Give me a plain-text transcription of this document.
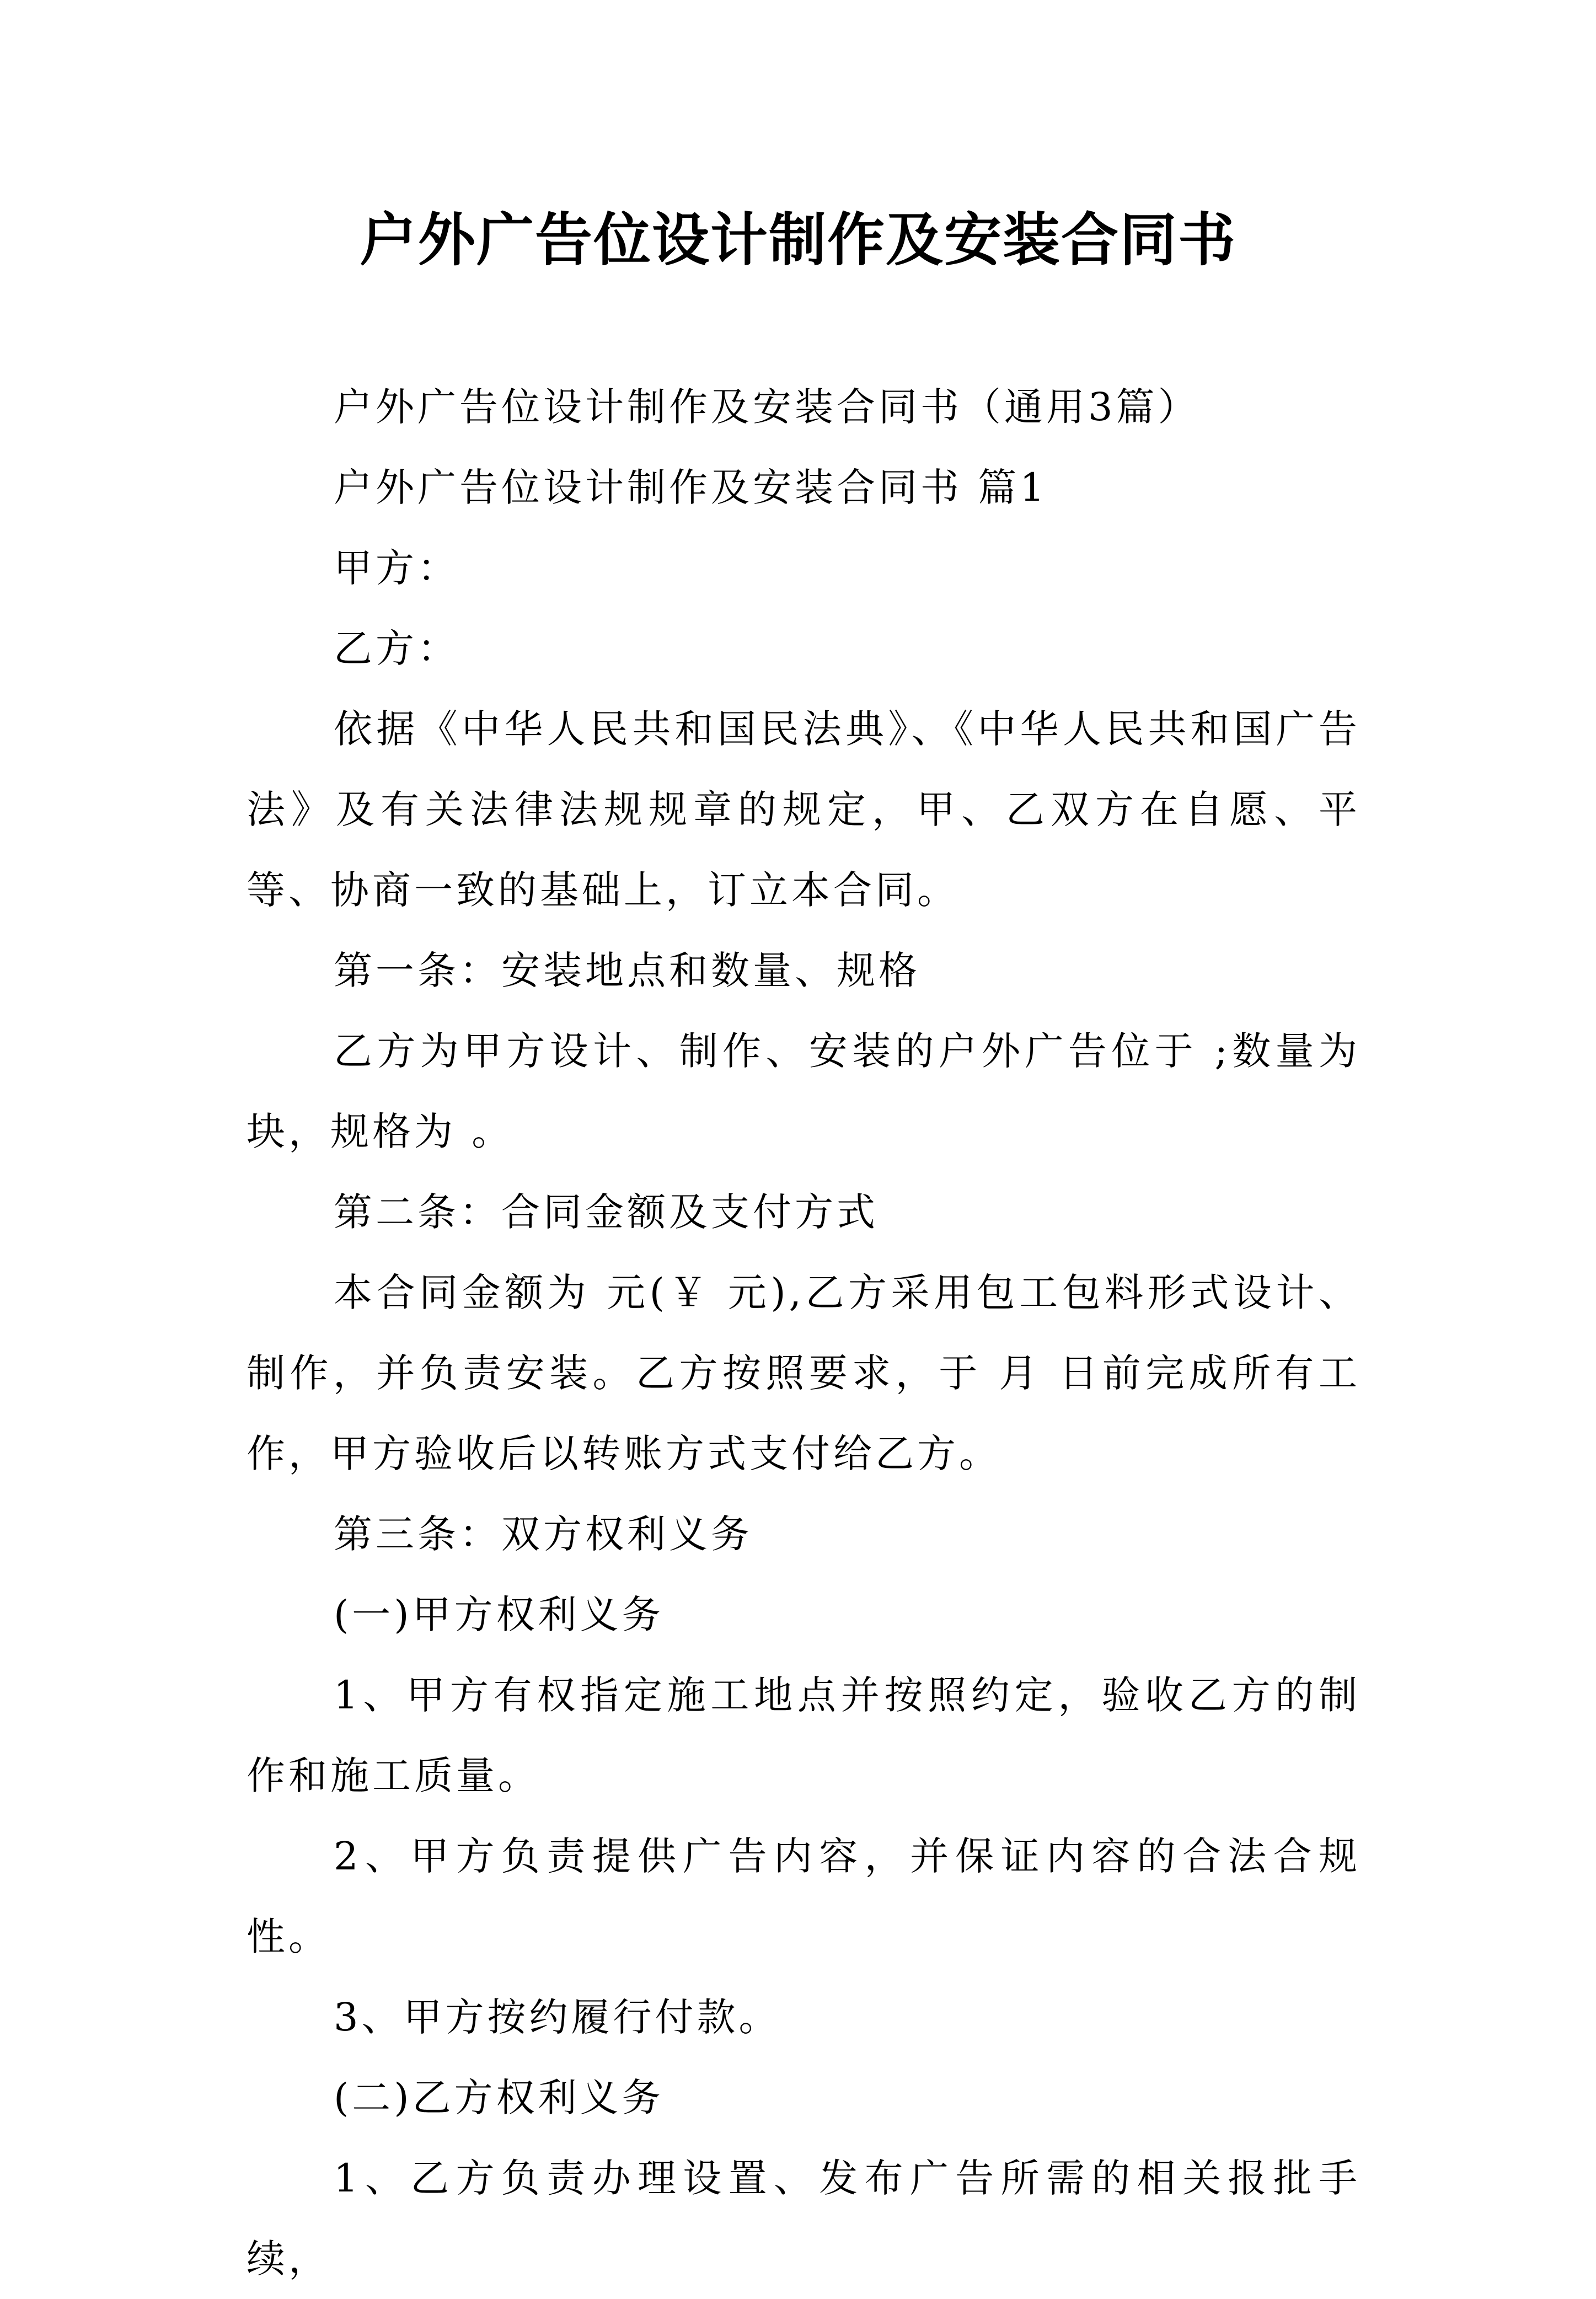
户外广告位设计制作及安装合同书

户外广告位设计制作及安装合同书（通用3篇）

户外广告位设计制作及安装合同书 篇1

甲方：

乙方：

依据《中华人民共和国民法典》、《中华人民共和国广告法》及有关法律法规规章的规定，甲、乙双方在自愿、平等、协商一致的基础上，订立本合同。

第一条：安装地点和数量、规格

乙方为甲方设计、制作、安装的户外广告位于 ;数量为 块，规格为 。

第二条：合同金额及支付方式

本合同金额为 元(￥ 元),乙方采用包工包料形式设计、制作，并负责安装。乙方按照要求，于 月 日前完成所有工作，甲方验收后以转账方式支付给乙方。

第三条：双方权利义务

(一)甲方权利义务

1、甲方有权指定施工地点并按照约定，验收乙方的制作和施工质量。

2、甲方负责提供广告内容，并保证内容的合法合规性。

3、甲方按约履行付款。

(二)乙方权利义务

1、乙方负责办理设置、发布广告所需的相关报批手续，
